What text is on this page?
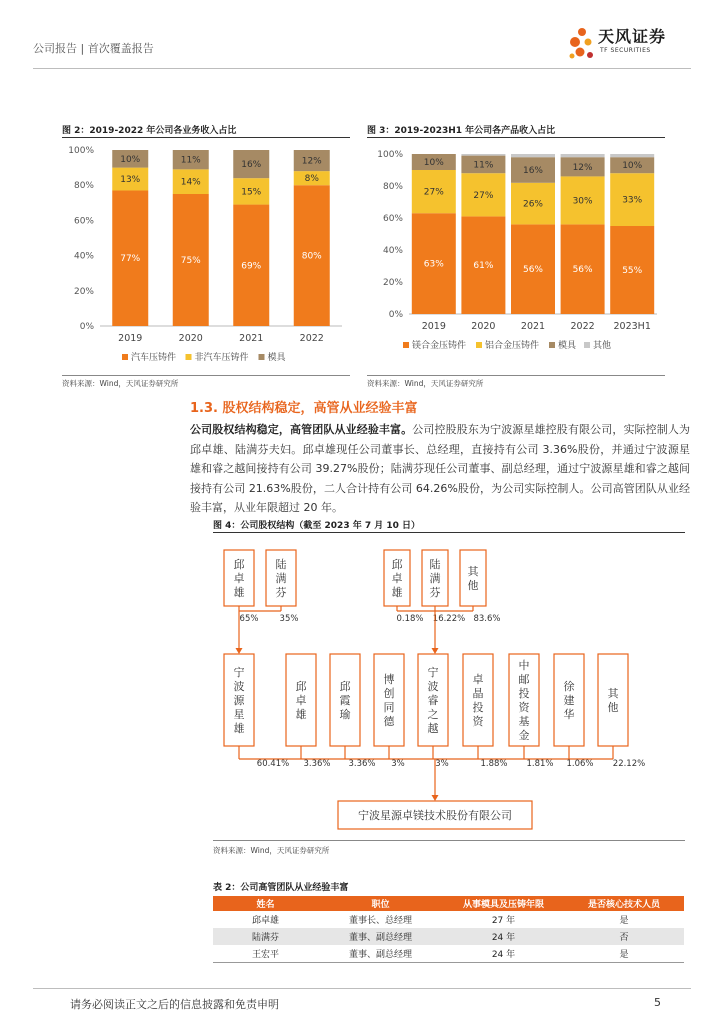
公司报告 | 首次覆盖报告
天风证券
TF SECURITIES
图 2：2019-2022 年公司各业务收入占比
0%
20%
40%
60%
80%
100%
77%
13%
10%
2019
75%
14%
11%
2020
69%
15%
16%
2021
80%
8%
12%
2022
汽车压铸件 非汽车压铸件 模具
资料来源：Wind，天风证券研究所
图 3：2019-2023H1 年公司各产品收入占比
0%
20%
40%
60%
80%
100%
63%
27%
10%
2019
61%
27%
11%
2020
56%
26%
16%
2021
56%
30%
12%
2022
55%
33%
10%
2023H1
镁合金压铸件 铝合金压铸件 模具 其他
资料来源：Wind，天风证券研究所
1.3. 股权结构稳定，高管从业经验丰富
公司股权结构稳定，高管团队从业经验丰富。公司控股股东为宁波源星雄控股有限公司，实际控制人为邱卓雄、陆满芬夫妇。邱卓雄现任公司董事长、总经理，直接持有公司 3.36%股份，并通过宁波源星雄和睿之越间接持有公司 39.27%股份；陆满芬现任公司董事、副总经理，通过宁波源星雄和睿之越间接持有公司 21.63%股份，二人合计持有公司 64.26%股份，为公司实际控制人。公司高管团队从业经验丰富，从业年限超过 20 年。
图 4：公司股权结构（截至 2023 年 7 月 10 日）
邱
卓
雄
陆
满
芬
65% 35%
邱
卓
雄
陆
满
芬
其
他
0.18% 16.22% 83.6%
宁
波
源
星
雄
邱
卓
雄
邱
霞
瑜
博
创
同
德
宁
波
睿
之
越
卓
晶
投
资
中
邮
投
资
基
金
徐
建
华
其
他
60.41% 3.36% 3.36% 3%	3%	1.88% 1.81% 1.06% 22.12%
宁波星源卓镁技术股份有限公司
资料来源：Wind，天风证券研究所
表 2：公司高管团队从业经验丰富
姓名	职位	从事模具及压铸年限	是否核心技术人员
邱卓雄	董事长、总经理	27 年	是
陆满芬	董事、副总经理	24 年	否
王宏平	董事、副总经理	24 年	是
请务必阅读正文之后的信息披露和免责申明	5
